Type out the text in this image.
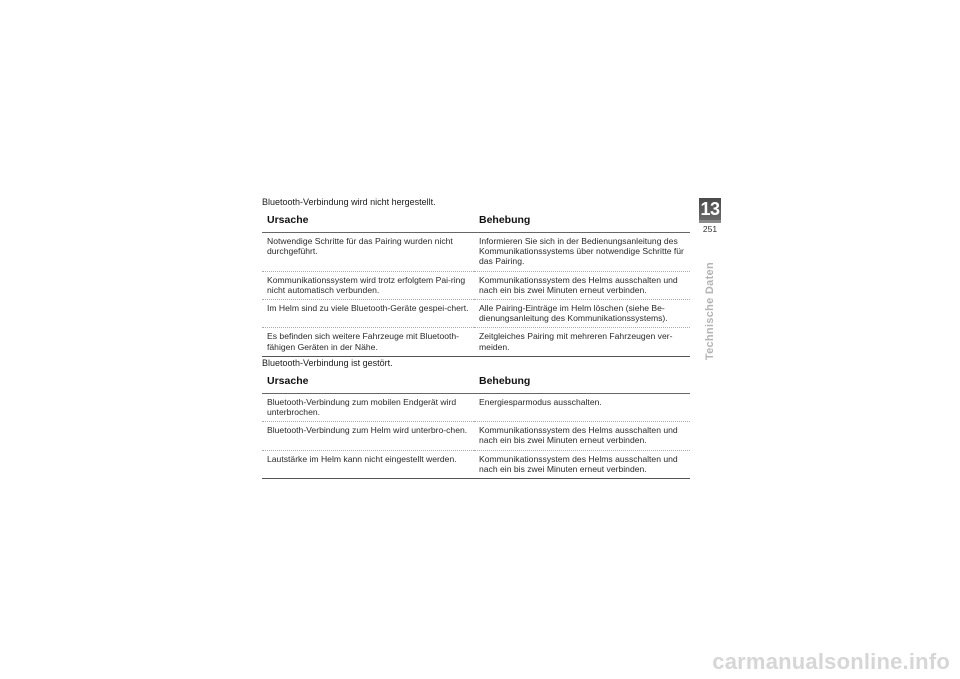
Bluetooth-Verbindung wird nicht hergestellt.

Ursache	Behebung
Notwendige Schritte für das Pairing wurden nicht durchgeführt.	Informieren Sie sich in der Bedienungsanleitung des Kommunikationssystems über notwendige Schritte für das Pairing.
Kommunikationssystem wird trotz erfolgtem Pai-ring nicht automatisch verbunden.	Kommunikationssystem des Helms ausschalten und nach ein bis zwei Minuten erneut verbinden.
Im Helm sind zu viele Bluetooth-Geräte gespei-chert.	Alle Pairing-Einträge im Helm löschen (siehe Be-dienungsanleitung des Kommunikationssystems).
Es befinden sich weitere Fahrzeuge mit Bluetooth-fähigen Geräten in der Nähe.	Zeitgleiches Pairing mit mehreren Fahrzeugen ver-meiden.

Bluetooth-Verbindung ist gestört.

Ursache	Behebung
Bluetooth-Verbindung zum mobilen Endgerät wird unterbrochen.	Energiesparmodus ausschalten.
Bluetooth-Verbindung zum Helm wird unterbro-chen.	Kommunikationssystem des Helms ausschalten und nach ein bis zwei Minuten erneut verbinden.
Lautstärke im Helm kann nicht eingestellt werden.	Kommunikationssystem des Helms ausschalten und nach ein bis zwei Minuten erneut verbinden.
13
251
Technische Daten
carmanualsonline.info
